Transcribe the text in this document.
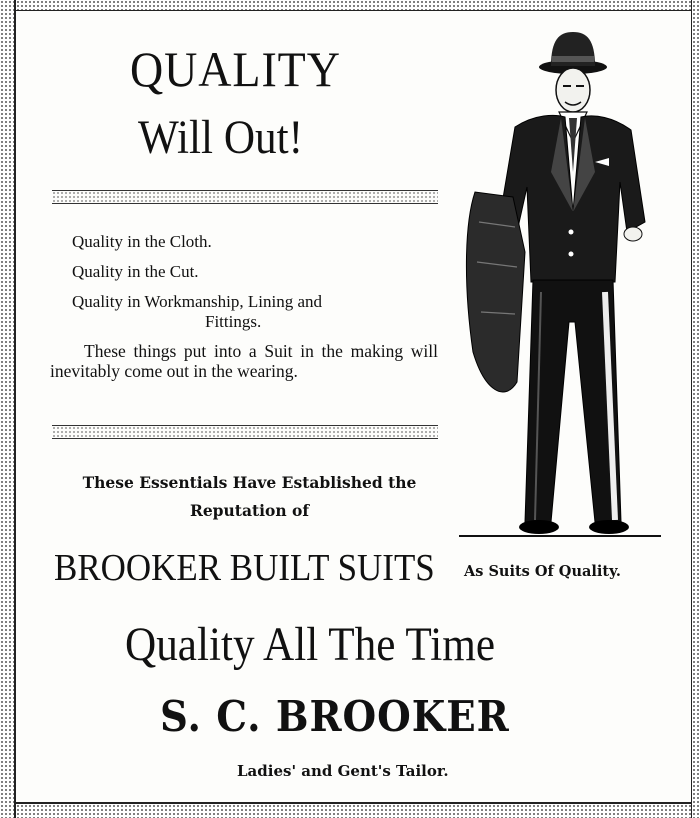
QUALITY
Will Out!

Quality in the Cloth.

Quality in the Cut.

Quality in Workmanship, Lining and

Fittings.

These things put into a Suit in the making will inevitably come out in the wearing.

These Essentials Have Established the
Reputation of

BROOKER BUILT SUITS As Suits Of Quality.
Quality All The Time
S. C. BROOKER
Ladies' and Gent's Tailor.
